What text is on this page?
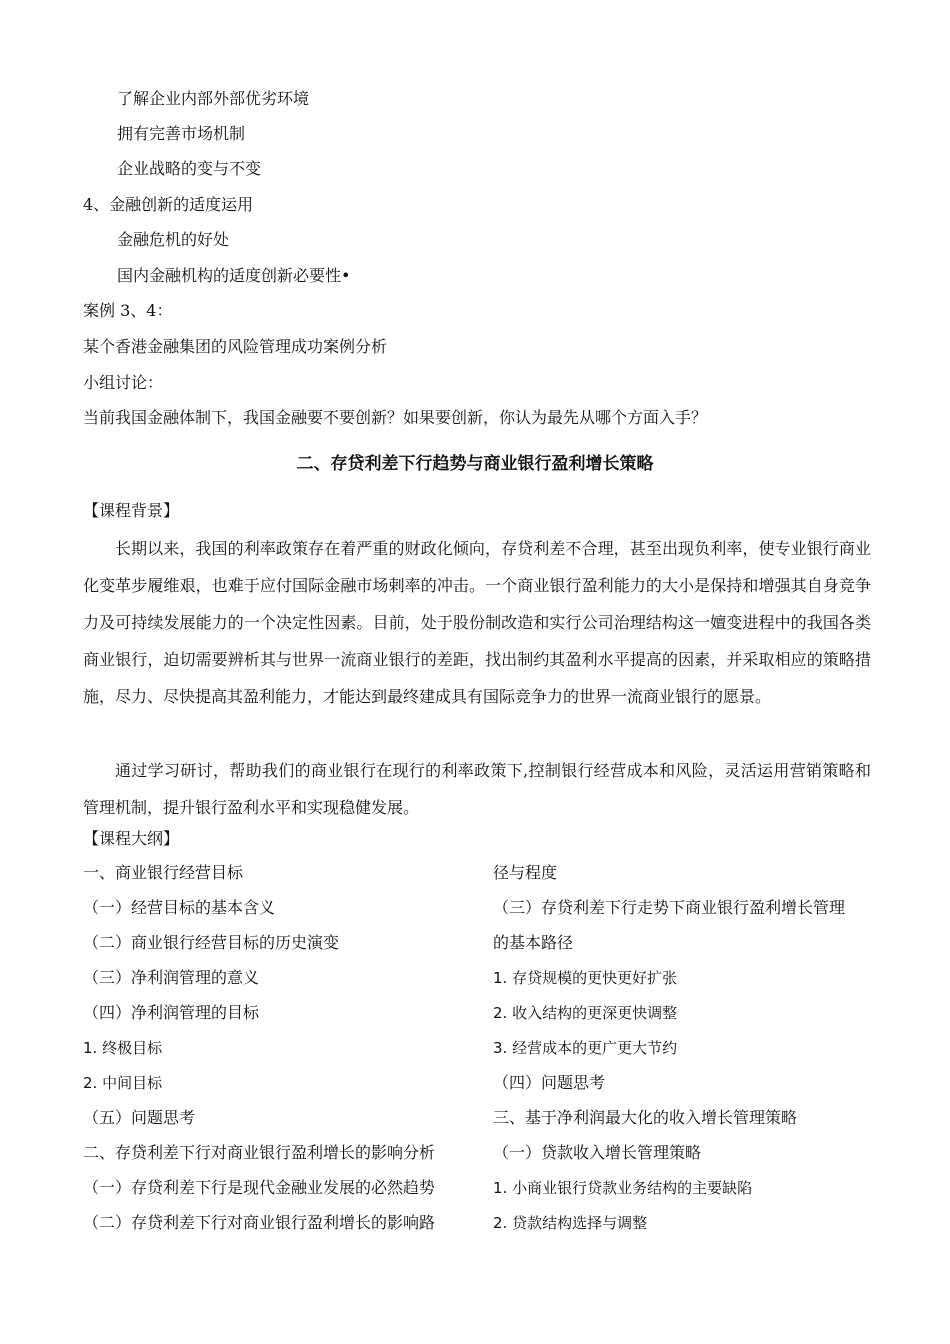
了解企业内部外部优劣环境
拥有完善市场机制
企业战略的变与不变
4、金融创新的适度运用
金融危机的好处
国内金融机构的适度创新必要性•
案例 3、4：
某个香港金融集团的风险管理成功案例分析
小组讨论：
当前我国金融体制下，我国金融要不要创新？如果要创新，你认为最先从哪个方面入手？
二、存贷利差下行趋势与商业银行盈利增长策略
【课程背景】
长期以来，我国的利率政策存在着严重的财政化倾向，存贷利差不合理，甚至出现负利率，使专业银行商业化变革步履维艰，也难于应付国际金融市场剌率的冲击。一个商业银行盈利能力的大小是保持和增强其自身竞争力及可持续发展能力的一个决定性因素。目前，处于股份制改造和实行公司治理结构这一嬗变进程中的我国各类商业银行，迫切需要辨析其与世界一流商业银行的差距，找出制约其盈利水平提高的因素，并采取相应的策略措施，尽力、尽快提高其盈利能力，才能达到最终建成具有国际竞争力的世界一流商业银行的愿景。
通过学习研讨，帮助我们的商业银行在现行的利率政策下,控制银行经营成本和风险，灵活运用营销策略和管理机制，提升银行盈利水平和实现稳健发展。
【课程大纲】
一、商业银行经营目标
（一）经营目标的基本含义
（二）商业银行经营目标的历史演变
（三）净利润管理的意义
（四）净利润管理的目标
1. 终极目标
2. 中间目标
（五）问题思考
二、存贷利差下行对商业银行盈利增长的影响分析
（一）存贷利差下行是现代金融业发展的必然趋势
（二）存贷利差下行对商业银行盈利增长的影响路
径与程度
（三）存贷利差下行走势下商业银行盈利增长管理
的基本路径
1. 存贷规模的更快更好扩张
2. 收入结构的更深更快调整
3. 经营成本的更广更大节约
（四）问题思考
三、基于净利润最大化的收入增长管理策略
（一）贷款收入增长管理策略
1. 小商业银行贷款业务结构的主要缺陷
2. 贷款结构选择与调整
